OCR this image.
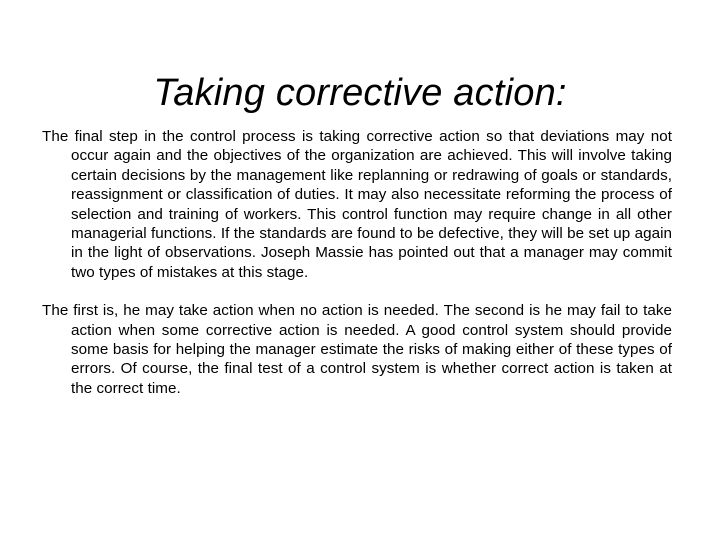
Taking corrective action:

The final step in the control process is taking corrective action so that deviations may not occur again and the objectives of the organization are achieved. This will involve taking certain decisions by the management like replanning or redrawing of goals or standards, reassignment or classification of duties. It may also necessitate reforming the process of selection and training of workers. This control function may require change in all other managerial functions. If the standards are found to be defective, they will be set up again in the light of observations. Joseph Massie has pointed out that a manager may commit two types of mistakes at this stage.

The first is, he may take action when no action is needed. The second is he may fail to take action when some corrective action is needed. A good control system should provide some basis for helping the manager estimate the risks of making either of these types of errors. Of course, the final test of a control system is whether correct action is taken at the correct time.
